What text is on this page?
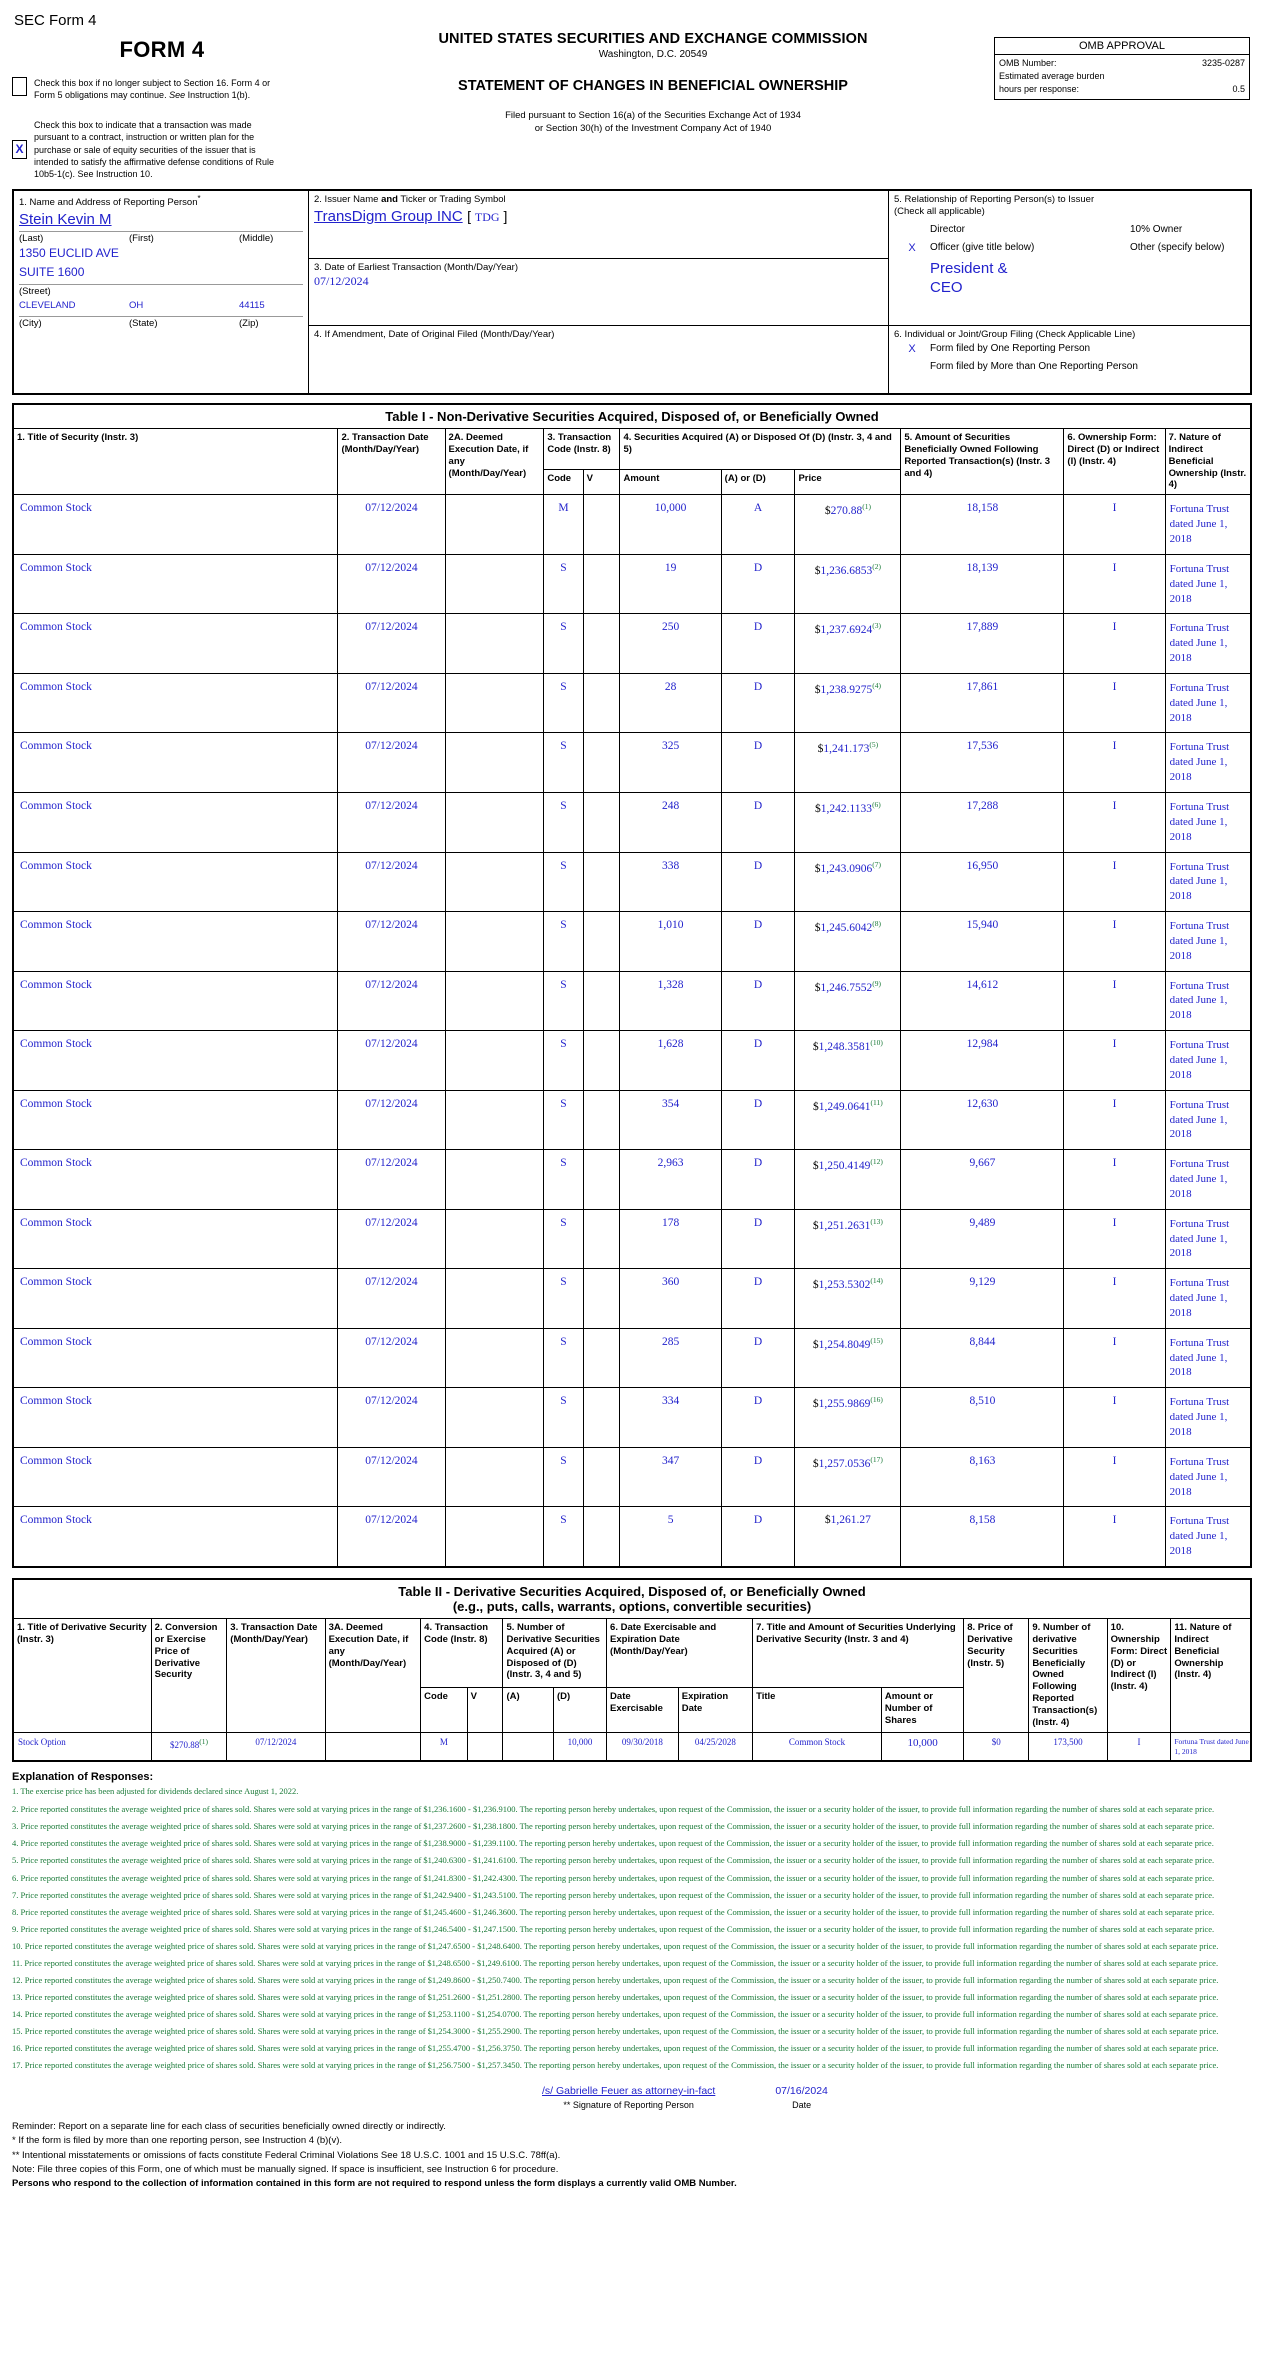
SEC Form 4
FORM 4
Check this box if no longer subject to Section 16. Form 4 or Form 5 obligations may continue. See Instruction 1(b).
X
Check this box to indicate that a transaction was made pursuant to a contract, instruction or written plan for the purchase or sale of equity securities of the issuer that is intended to satisfy the affirmative defense conditions of Rule 10b5-1(c). See Instruction 10.
UNITED STATES SECURITIES AND EXCHANGE COMMISSION
Washington, D.C. 20549
STATEMENT OF CHANGES IN BENEFICIAL OWNERSHIP
Filed pursuant to Section 16(a) of the Securities Exchange Act of 1934
or Section 30(h) of the Investment Company Act of 1940
OMB APPROVAL
OMB Number:	3235-0287
Estimated average burden
hours per response:	0.5
1. Name and Address of Reporting Person*
Stein Kevin M
(Last)	(First)	(Middle)
1350 EUCLID AVE
SUITE 1600
(Street)
CLEVELAND	OH	44115
(City)	(State)	(Zip)
2. Issuer Name and Ticker or Trading Symbol
TransDigm Group INC [ TDG ]
3. Date of Earliest Transaction (Month/Day/Year)
07/12/2024
4. If Amendment, Date of Original Filed (Month/Day/Year)
5. Relationship of Reporting Person(s) to Issuer
(Check all applicable)
Director	10% Owner
X	Officer (give title below)	Other (specify below)
President &
CEO
6. Individual or Joint/Group Filing (Check Applicable Line)
X	Form filed by One Reporting Person
Form filed by More than One Reporting Person
Table I - Non-Derivative Securities Acquired, Disposed of, or Beneficially Owned										
1. Title of Security (Instr. 3)	2. Transaction Date (Month/Day/Year)	2A. Deemed Execution Date, if any (Month/Day/Year)	3. Transaction Code (Instr. 8)		4. Securities Acquired (A) or Disposed Of (D) (Instr. 3, 4 and 5)			5. Amount of Securities Beneficially Owned Following Reported Transaction(s) (Instr. 3 and 4)	6. Ownership Form: Direct (D) or Indirect (I) (Instr. 4)	7. Nature of Indirect Beneficial Ownership (Instr. 4)
			Code	V	Amount	(A) or (D)	Price			
Common Stock	07/12/2024		M		10,000	A	$270.88$^{(1)}$	18,158	I	Fortuna Trust dated June 1, 2018
Common Stock	07/12/2024		S		19	D	$1,236.6853$^{(2)}$	18,139	I	Fortuna Trust dated June 1, 2018
Common Stock	07/12/2024		S		250	D	$1,237.6924$^{(3)}$	17,889	I	Fortuna Trust dated June 1, 2018
Common Stock	07/12/2024		S		28	D	$1,238.9275$^{(4)}$	17,861	I	Fortuna Trust dated June 1, 2018
Common Stock	07/12/2024		S		325	D	$1,241.173$^{(5)}$	17,536	I	Fortuna Trust dated June 1, 2018
Common Stock	07/12/2024		S		248	D	$1,242.1133$^{(6)}$	17,288	I	Fortuna Trust dated June 1, 2018
Common Stock	07/12/2024		S		338	D	$1,243.0906$^{(7)}$	16,950	I	Fortuna Trust dated June 1, 2018
Common Stock	07/12/2024		S		1,010	D	$1,245.6042$^{(8)}$	15,940	I	Fortuna Trust dated June 1, 2018
Common Stock	07/12/2024		S		1,328	D	$1,246.7552$^{(9)}$	14,612	I	Fortuna Trust dated June 1, 2018
Common Stock	07/12/2024		S		1,628	D	$1,248.3581$^{(10)}$	12,984	I	Fortuna Trust dated June 1, 2018
Common Stock	07/12/2024		S		354	D	$1,249.0641$^{(11)}$	12,630	I	Fortuna Trust dated June 1, 2018
Common Stock	07/12/2024		S		2,963	D	$1,250.4149$^{(12)}$	9,667	I	Fortuna Trust dated June 1, 2018
Common Stock	07/12/2024		S		178	D	$1,251.2631$^{(13)}$	9,489	I	Fortuna Trust dated June 1, 2018
Common Stock	07/12/2024		S		360	D	$1,253.5302$^{(14)}$	9,129	I	Fortuna Trust dated June 1, 2018
Common Stock	07/12/2024		S		285	D	$1,254.8049$^{(15)}$	8,844	I	Fortuna Trust dated June 1, 2018
Common Stock	07/12/2024		S		334	D	$1,255.9869$^{(16)}$	8,510	I	Fortuna Trust dated June 1, 2018
Common Stock	07/12/2024		S		347	D	$1,257.0536$^{(17)}$	8,163	I	Fortuna Trust dated June 1, 2018
Common Stock	07/12/2024		S		5	D	$1,261.27	8,158	I	Fortuna Trust dated June 1, 2018
Table II - Derivative Securities Acquired, Disposed of, or Beneficially Owned
(e.g., puts, calls, warrants, options, convertible securities)															

1. Title of Derivative Security (Instr. 3)	2. Conversion or Exercise Price of Derivative Security	3. Transaction Date (Month/Day/Year)	3A. Deemed Execution Date, if any (Month/Day/Year)	4. Transaction Code (Instr. 8)		5. Number of Derivative Securities Acquired (A) or Disposed of (D) (Instr. 3, 4 and 5)		6. Date Exercisable and Expiration Date (Month/Day/Year)		7. Title and Amount of Securities Underlying Derivative Security (Instr. 3 and 4)		8. Price of Derivative Security (Instr. 5)	9. Number of derivative Securities Beneficially Owned Following Reported Transaction(s) (Instr. 4)	10. Ownership Form: Direct (D) or Indirect (I) (Instr. 4)	11. Nature of Indirect Beneficial Ownership (Instr. 4)
				Code	V	(A)	(D)	Date Exercisable	Expiration Date	Title	Amount or Number of Shares				
Stock Option	$270.88$^{(1)}$	07/12/2024		M			10,000	09/30/2018	04/25/2028	Common Stock	10,000	$0	173,500	I	Fortuna Trust dated June 1, 2018
Explanation of Responses:
1. The exercise price has been adjusted for dividends declared since August 1, 2022.
2. Price reported constitutes the average weighted price of shares sold. Shares were sold at varying prices in the range of $1,236.1600 - $1,236.9100. The reporting person hereby undertakes, upon request of the Commission, the issuer or a security holder of the issuer, to provide full information regarding the number of shares sold at each separate price.
3. Price reported constitutes the average weighted price of shares sold. Shares were sold at varying prices in the range of $1,237.2600 - $1,238.1800. The reporting person hereby undertakes, upon request of the Commission, the issuer or a security holder of the issuer, to provide full information regarding the number of shares sold at each separate price.
4. Price reported constitutes the average weighted price of shares sold. Shares were sold at varying prices in the range of $1,238.9000 - $1,239.1100. The reporting person hereby undertakes, upon request of the Commission, the issuer or a security holder of the issuer, to provide full information regarding the number of shares sold at each separate price.
5. Price reported constitutes the average weighted price of shares sold. Shares were sold at varying prices in the range of $1,240.6300 - $1,241.6100. The reporting person hereby undertakes, upon request of the Commission, the issuer or a security holder of the issuer, to provide full information regarding the number of shares sold at each separate price.
6. Price reported constitutes the average weighted price of shares sold. Shares were sold at varying prices in the range of $1,241.8300 - $1,242.4300. The reporting person hereby undertakes, upon request of the Commission, the issuer or a security holder of the issuer, to provide full information regarding the number of shares sold at each separate price.
7. Price reported constitutes the average weighted price of shares sold. Shares were sold at varying prices in the range of $1,242.9400 - $1,243.5100. The reporting person hereby undertakes, upon request of the Commission, the issuer or a security holder of the issuer, to provide full information regarding the number of shares sold at each separate price.
8. Price reported constitutes the average weighted price of shares sold. Shares were sold at varying prices in the range of $1,245.4600 - $1,246.3600. The reporting person hereby undertakes, upon request of the Commission, the issuer or a security holder of the issuer, to provide full information regarding the number of shares sold at each separate price.
9. Price reported constitutes the average weighted price of shares sold. Shares were sold at varying prices in the range of $1,246.5400 - $1,247.1500. The reporting person hereby undertakes, upon request of the Commission, the issuer or a security holder of the issuer, to provide full information regarding the number of shares sold at each separate price.
10. Price reported constitutes the average weighted price of shares sold. Shares were sold at varying prices in the range of $1,247.6500 - $1,248.6400. The reporting person hereby undertakes, upon request of the Commission, the issuer or a security holder of the issuer, to provide full information regarding the number of shares sold at each separate price.
11. Price reported constitutes the average weighted price of shares sold. Shares were sold at varying prices in the range of $1,248.6500 - $1,249.6100. The reporting person hereby undertakes, upon request of the Commission, the issuer or a security holder of the issuer, to provide full information regarding the number of shares sold at each separate price.
12. Price reported constitutes the average weighted price of shares sold. Shares were sold at varying prices in the range of $1,249.8600 - $1,250.7400. The reporting person hereby undertakes, upon request of the Commission, the issuer or a security holder of the issuer, to provide full information regarding the number of shares sold at each separate price.
13. Price reported constitutes the average weighted price of shares sold. Shares were sold at varying prices in the range of $1,251.2600 - $1,251.2800. The reporting person hereby undertakes, upon request of the Commission, the issuer or a security holder of the issuer, to provide full information regarding the number of shares sold at each separate price.
14. Price reported constitutes the average weighted price of shares sold. Shares were sold at varying prices in the range of $1,253.1100 - $1,254.0700. The reporting person hereby undertakes, upon request of the Commission, the issuer or a security holder of the issuer, to provide full information regarding the number of shares sold at each separate price.
15. Price reported constitutes the average weighted price of shares sold. Shares were sold at varying prices in the range of $1,254.3000 - $1,255.2900. The reporting person hereby undertakes, upon request of the Commission, the issuer or a security holder of the issuer, to provide full information regarding the number of shares sold at each separate price.
16. Price reported constitutes the average weighted price of shares sold. Shares were sold at varying prices in the range of $1,255.4700 - $1,256.3750. The reporting person hereby undertakes, upon request of the Commission, the issuer or a security holder of the issuer, to provide full information regarding the number of shares sold at each separate price.
17. Price reported constitutes the average weighted price of shares sold. Shares were sold at varying prices in the range of $1,256.7500 - $1,257.3450. The reporting person hereby undertakes, upon request of the Commission, the issuer or a security holder of the issuer, to provide full information regarding the number of shares sold at each separate price.
/s/ Gabrielle Feuer as attorney-in-fact
** Signature of Reporting Person
07/16/2024
Date
Reminder: Report on a separate line for each class of securities beneficially owned directly or indirectly.
* If the form is filed by more than one reporting person, see Instruction 4 (b)(v).
** Intentional misstatements or omissions of facts constitute Federal Criminal Violations See 18 U.S.C. 1001 and 15 U.S.C. 78ff(a).
Note: File three copies of this Form, one of which must be manually signed. If space is insufficient, see Instruction 6 for procedure.
Persons who respond to the collection of information contained in this form are not required to respond unless the form displays a currently valid OMB Number.
